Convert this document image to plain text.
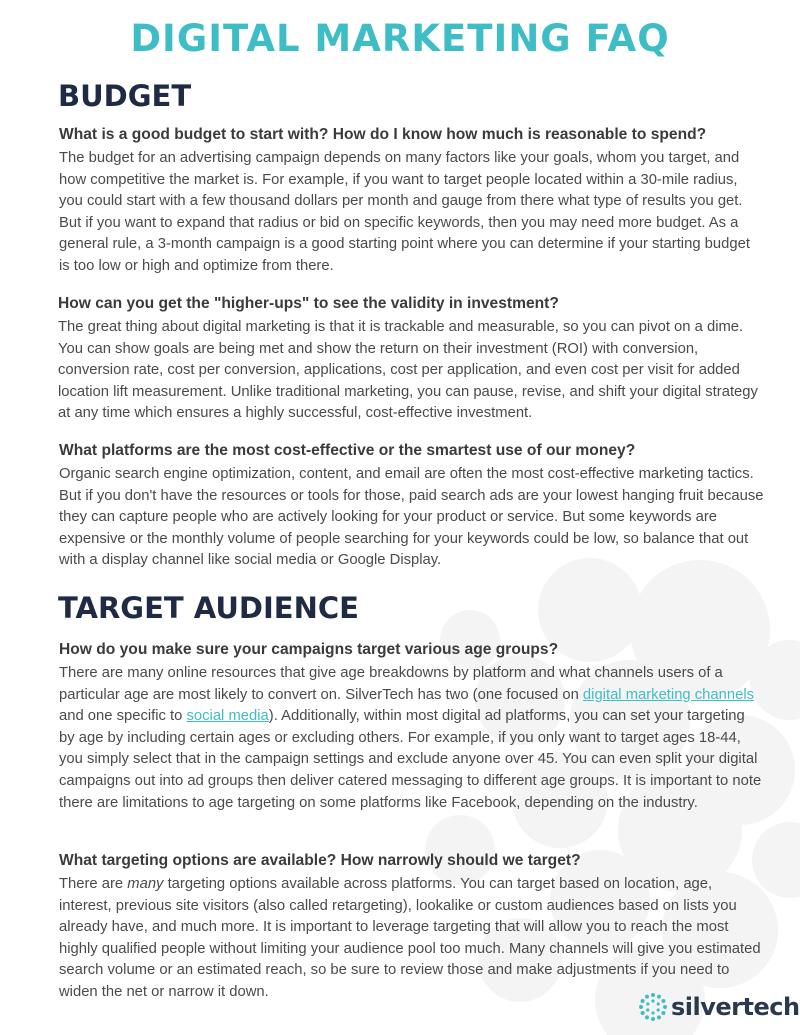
DIGITAL MARKETING FAQ
BUDGET

What is a good budget to start with? How do I know how much is reasonable to spend?

The budget for an advertising campaign depends on many factors like your goals, whom you target, and how competitive the market is. For example, if you want to target people located within a 30-mile radius, you could start with a few thousand dollars per month and gauge from there what type of results you get. But if you want to expand that radius or bid on specific keywords, then you may need more budget. As a general rule, a 3-month campaign is a good starting point where you can determine if your starting budget is too low or high and optimize from there.

How can you get the "higher-ups" to see the validity in investment?

The great thing about digital marketing is that it is trackable and measurable, so you can pivot on a dime. You can show goals are being met and show the return on their investment (ROI) with conversion, conversion rate, cost per conversion, applications, cost per application, and even cost per visit for added location lift measurement. Unlike traditional marketing, you can pause, revise, and shift your digital strategy at any time which ensures a highly successful, cost-effective investment.

What platforms are the most cost-effective or the smartest use of our money?

Organic search engine optimization, content, and email are often the most cost-effective marketing tactics. But if you don't have the resources or tools for those, paid search ads are your lowest hanging fruit because they can capture people who are actively looking for your product or service. But some keywords are expensive or the monthly volume of people searching for your keywords could be low, so balance that out with a display channel like social media or Google Display.

TARGET AUDIENCE

How do you make sure your campaigns target various age groups?

There are many online resources that give age breakdowns by platform and what channels users of a particular age are most likely to convert on. SilverTech has two (one focused on digital marketing channels and one specific to social media). Additionally, within most digital ad platforms, you can set your targeting by age by including certain ages or excluding others. For example, if you only want to target ages 18-44, you simply select that in the campaign settings and exclude anyone over 45. You can even split your digital campaigns out into ad groups then deliver catered messaging to different age groups. It is important to note there are limitations to age targeting on some platforms like Facebook, depending on the industry.

What targeting options are available? How narrowly should we target?

There are many targeting options available across platforms. You can target based on location, age, interest, previous site visitors (also called retargeting), lookalike or custom audiences based on lists you already have, and much more. It is important to leverage targeting that will allow you to reach the most highly qualified people without limiting your audience pool too much. Many channels will give you estimated search volume or an estimated reach, so be sure to review those and make adjustments if you need to widen the net or narrow it down.

silvertech
